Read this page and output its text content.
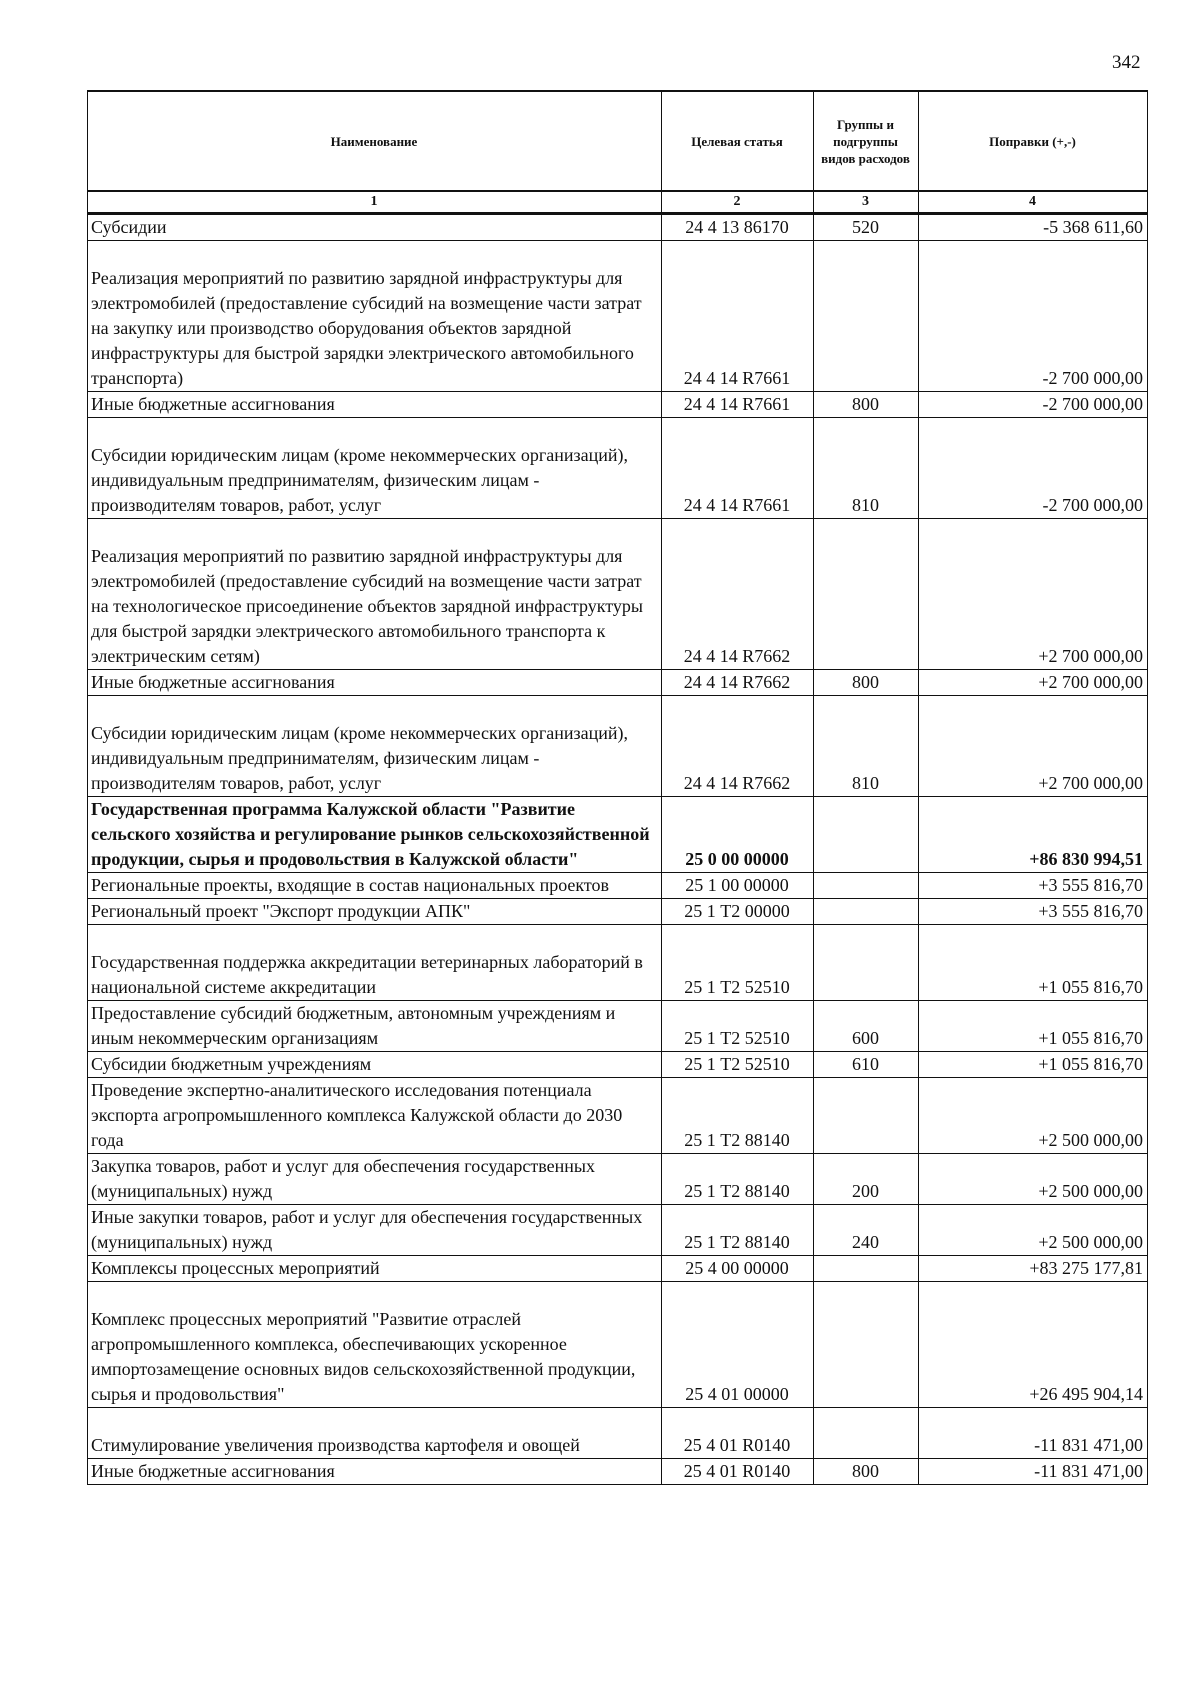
342
Наименование	Целевая статья	Группы и подгруппы видов расходов	Поправки (+,-)
1	2	3	4
Субсидии	24 4 13 86170	520	-5 368 611,60
Реализация мероприятий по развитию зарядной инфраструктуры для электромобилей (предоставление субсидий на возмещение части затрат на закупку или производство оборудования объектов зарядной инфраструктуры для быстрой зарядки электрического автомобильного транспорта)	24 4 14 R7661		-2 700 000,00
Иные бюджетные ассигнования	24 4 14 R7661	800	-2 700 000,00
Субсидии юридическим лицам (кроме некоммерческих организаций), индивидуальным предпринимателям, физическим лицам - производителям товаров, работ, услуг	24 4 14 R7661	810	-2 700 000,00
Реализация мероприятий по развитию зарядной инфраструктуры для электромобилей (предоставление субсидий на возмещение части затрат на технологическое присоединение объектов зарядной инфраструктуры для быстрой зарядки электрического автомобильного транспорта к электрическим сетям)	24 4 14 R7662		+2 700 000,00
Иные бюджетные ассигнования	24 4 14 R7662	800	+2 700 000,00
Субсидии юридическим лицам (кроме некоммерческих организаций), индивидуальным предпринимателям, физическим лицам - производителям товаров, работ, услуг	24 4 14 R7662	810	+2 700 000,00
Государственная программа Калужской области "Развитие сельского хозяйства и регулирование рынков сельскохозяйственной продукции, сырья и продовольствия в Калужской области"	25 0 00 00000		+86 830 994,51
Региональные проекты, входящие в состав национальных проектов	25 1 00 00000		+3 555 816,70
Региональный проект "Экспорт продукции АПК"	25 1 Т2 00000		+3 555 816,70
Государственная поддержка аккредитации ветеринарных лабораторий в национальной системе аккредитации	25 1 Т2 52510		+1 055 816,70
Предоставление субсидий бюджетным, автономным учреждениям и иным некоммерческим организациям	25 1 Т2 52510	600	+1 055 816,70
Субсидии бюджетным учреждениям	25 1 Т2 52510	610	+1 055 816,70
Проведение экспертно-аналитического исследования потенциала экспорта агропромышленного комплекса Калужской области до 2030 года	25 1 Т2 88140		+2 500 000,00
Закупка товаров, работ и услуг для обеспечения государственных (муниципальных) нужд	25 1 Т2 88140	200	+2 500 000,00
Иные закупки товаров, работ и услуг для обеспечения государственных (муниципальных) нужд	25 1 Т2 88140	240	+2 500 000,00
Комплексы процессных мероприятий	25 4 00 00000		+83 275 177,81
Комплекс процессных мероприятий "Развитие отраслей агропромышленного комплекса, обеспечивающих ускоренное импортозамещение основных видов сельскохозяйственной продукции, сырья и продовольствия"	25 4 01 00000		+26 495 904,14
Стимулирование увеличения производства картофеля и овощей	25 4 01 R0140		-11 831 471,00
Иные бюджетные ассигнования	25 4 01 R0140	800	-11 831 471,00
